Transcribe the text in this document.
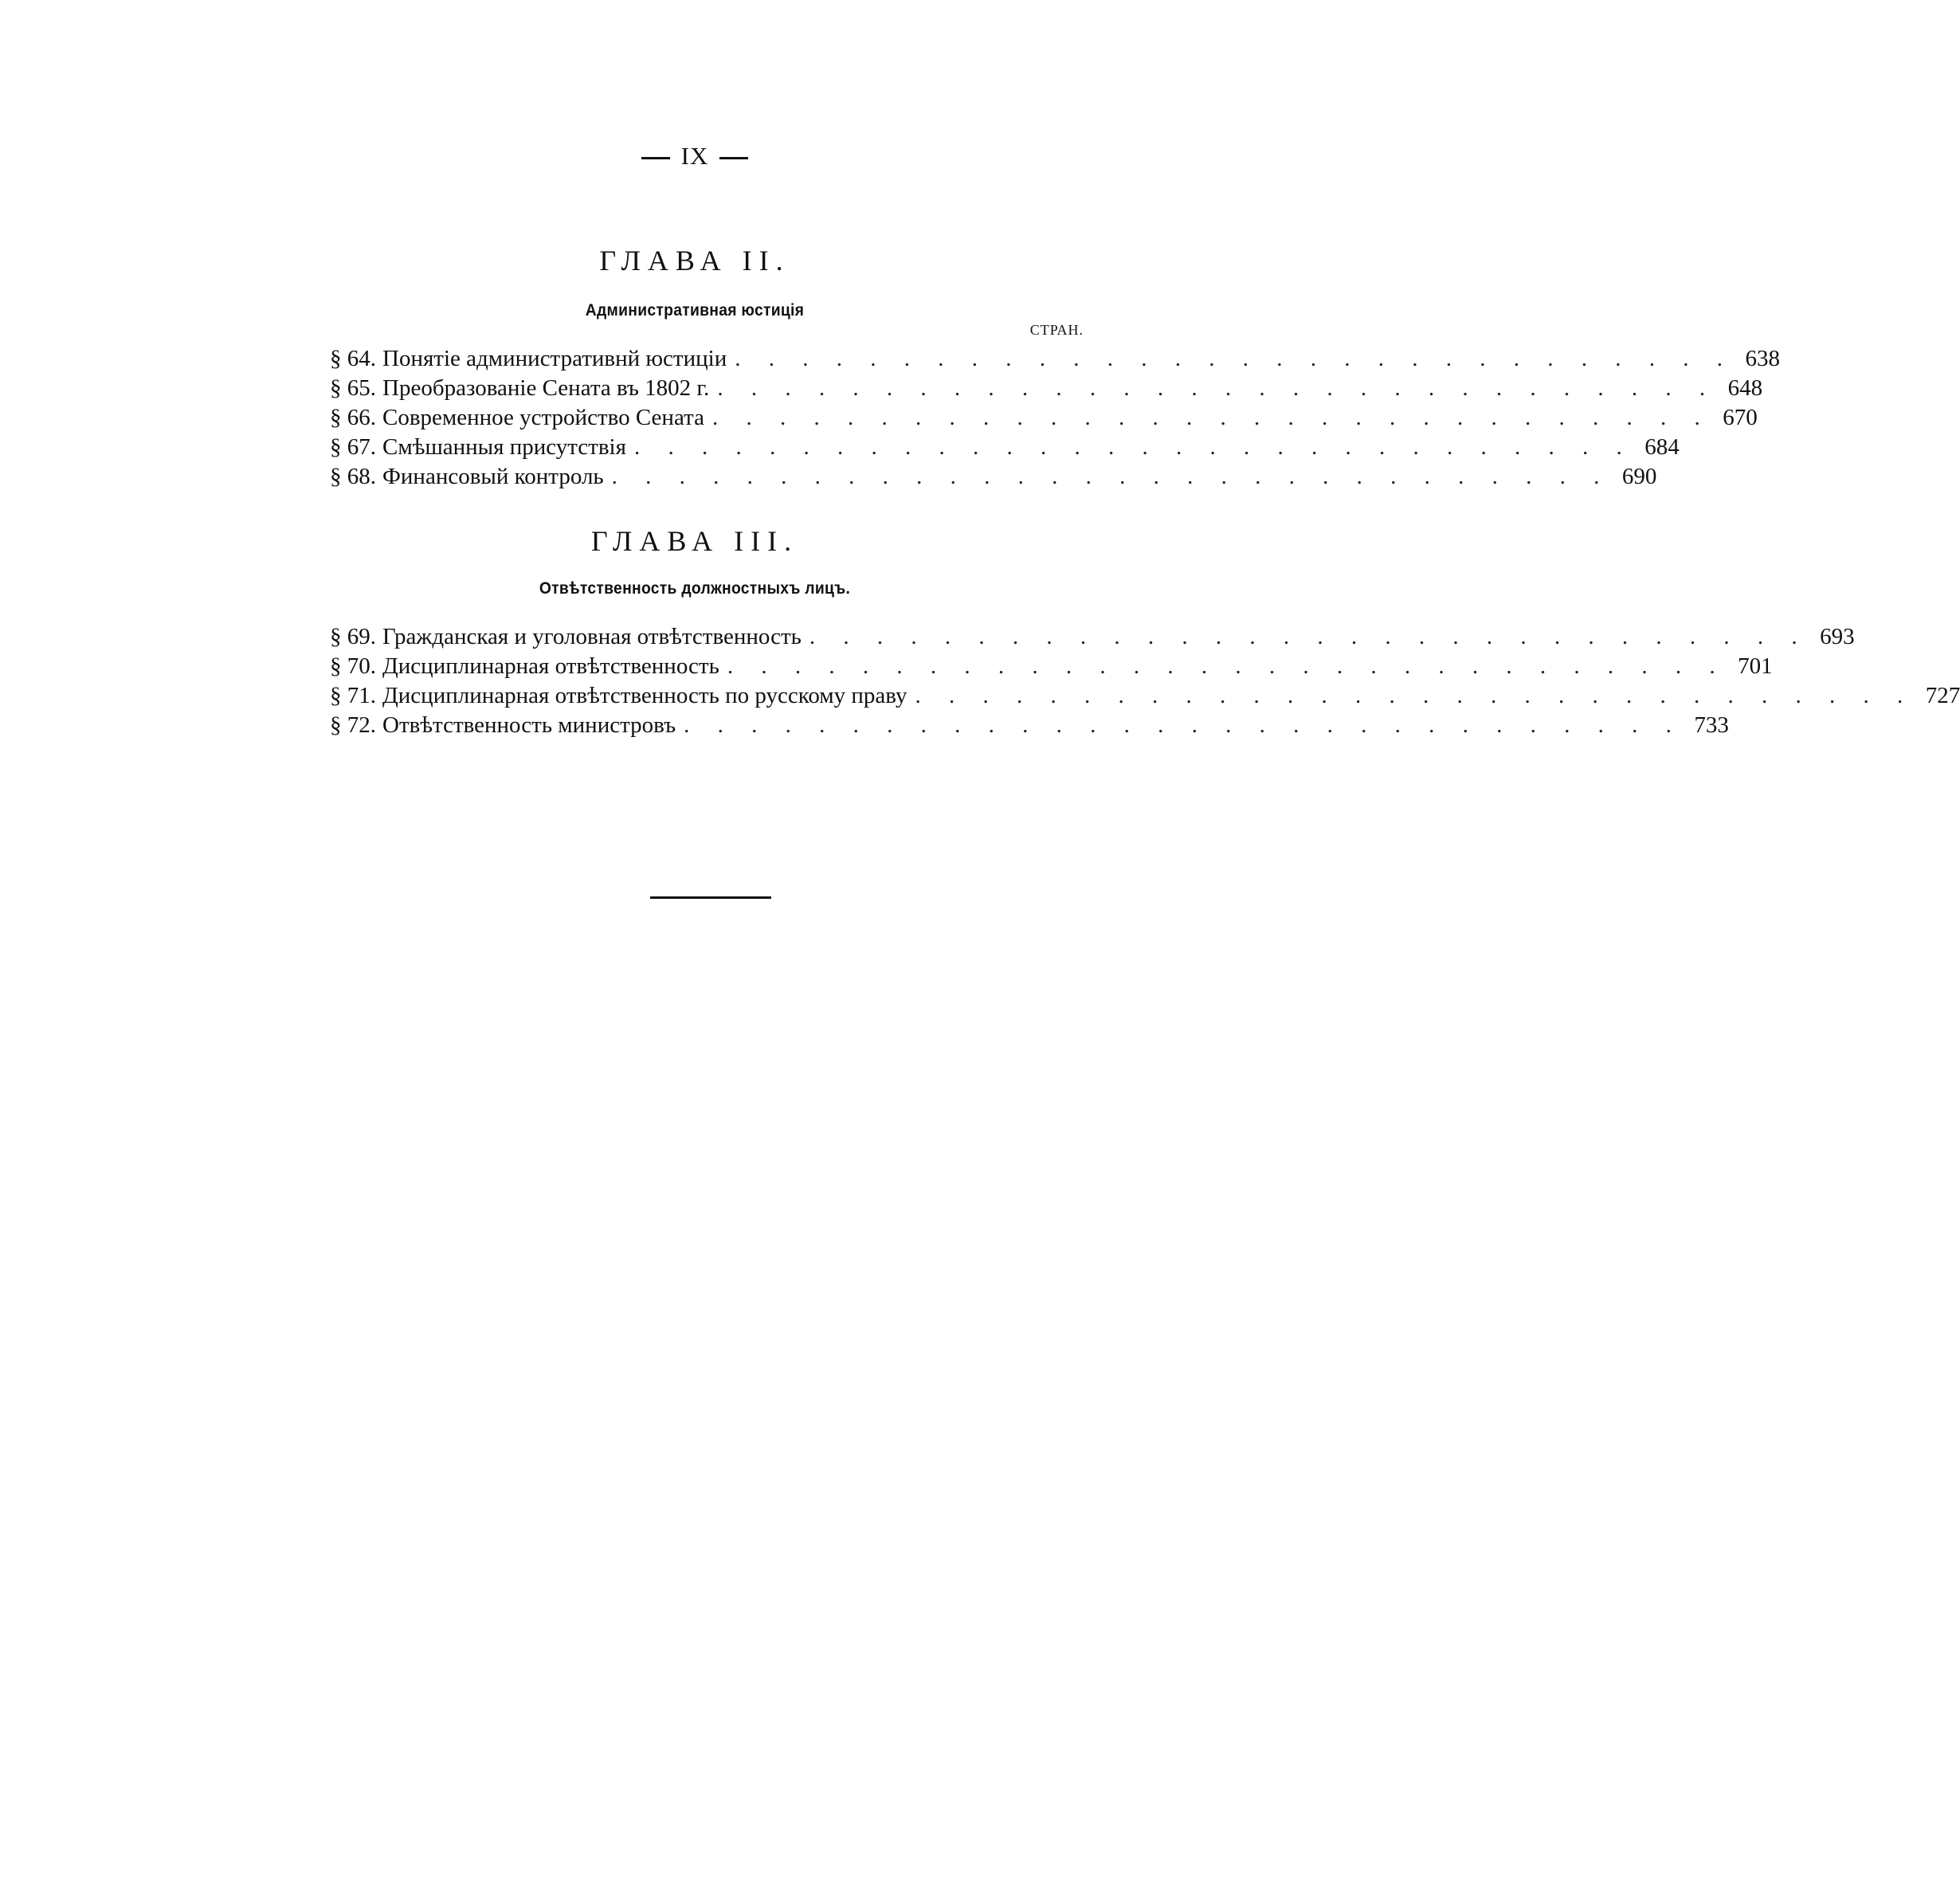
IX
ГЛАВА II.
Административная юстиція
СТРАН.
§ 64. Понятіе административнй юстиціи . . . . . . . . . . . . . . . . . . . . . . . . . . . . . . 638
§ 65. Преобразованіе Сената въ 1802 г. . . . . . . . . . . . . . . . . . . . . . . . . . . . . . . 648
§ 66. Современное устройство Сената . . . . . . . . . . . . . . . . . . . . . . . . . . . . . . 670
§ 67. Смѣшанныя присутствія . . . . . . . . . . . . . . . . . . . . . . . . . . . . . . 684
§ 68. Финансовый контроль . . . . . . . . . . . . . . . . . . . . . . . . . . . . . . 690
ГЛАВА III.
Отвѣтственность должностныхъ лицъ.
§ 69. Гражданская и уголовная отвѣтственность . . . . . . . . . . . . . . . . . . . . . . . . . . . . . . 693
§ 70. Дисциплинарная отвѣтственность . . . . . . . . . . . . . . . . . . . . . . . . . . . . . . 701
§ 71. Дисциплинарная отвѣтственность по русскому праву . . . . . . . . . . . . . . . . . . . . . . . . . . . . . . 727
§ 72. Отвѣтственность министровъ . . . . . . . . . . . . . . . . . . . . . . . . . . . . . . 733
